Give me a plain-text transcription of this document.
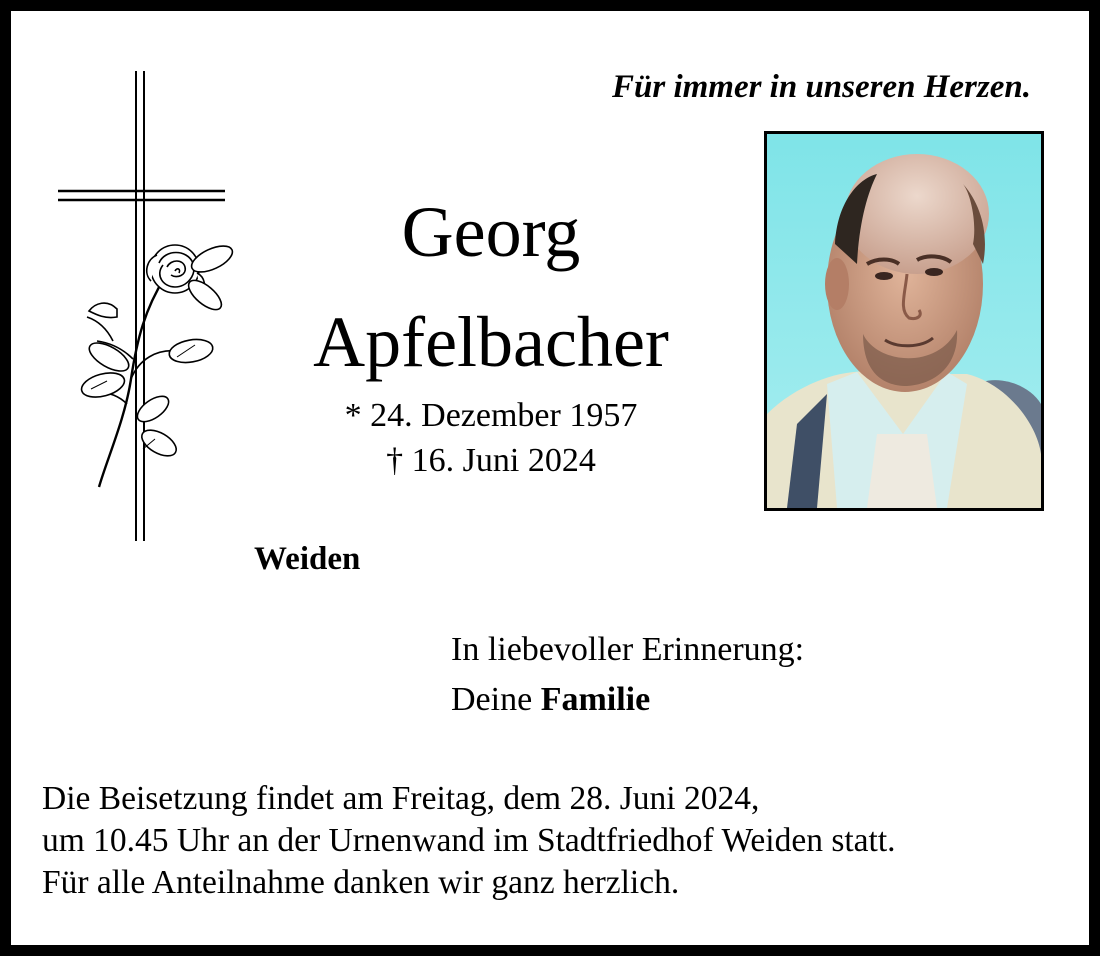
Für immer in unseren Herzen.
Georg
Apfelbacher
* 24. Dezember 1957
† 16. Juni 2024
Weiden
In liebevoller Erinnerung:
Deine Familie
Die Beisetzung findet am Freitag, dem 28. Juni 2024,
um 10.45 Uhr an der Urnenwand im Stadtfriedhof Weiden statt.
Für alle Anteilnahme danken wir ganz herzlich.
